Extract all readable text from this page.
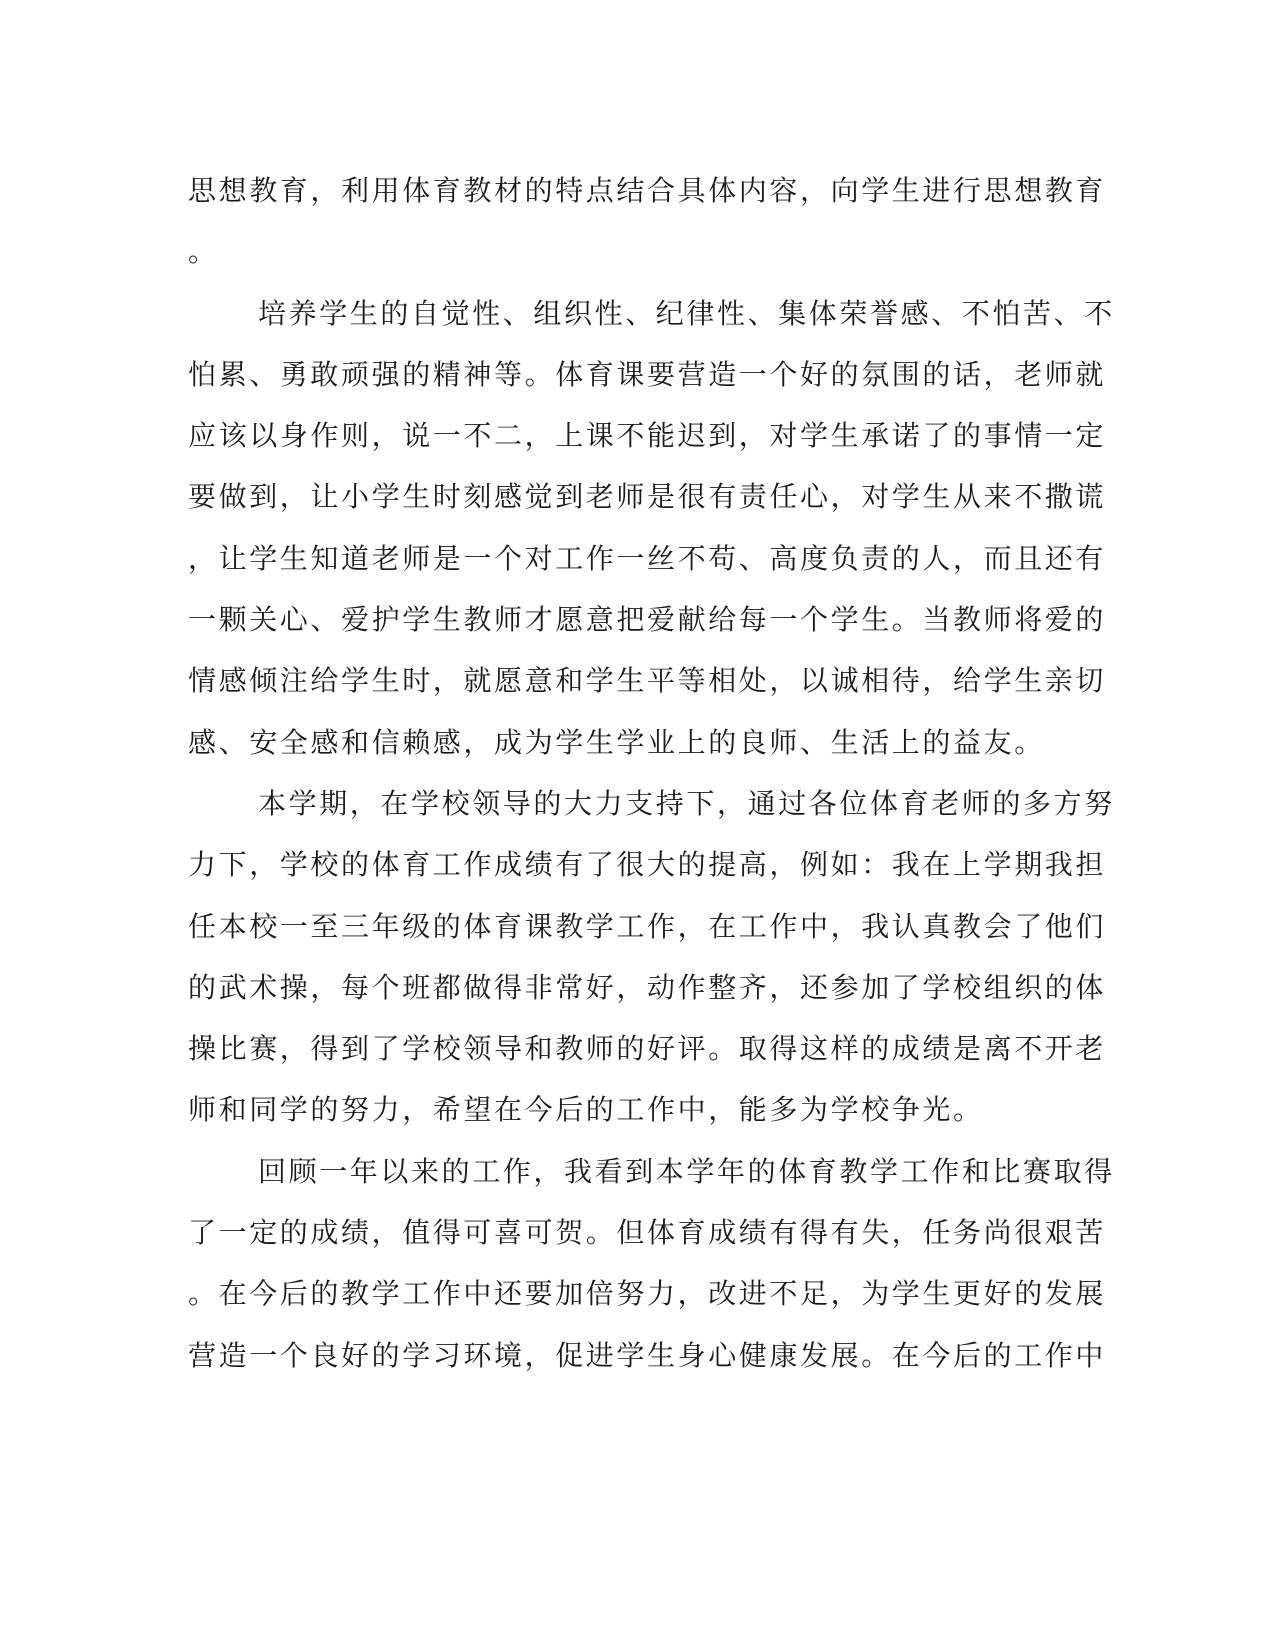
思想教育，利用体育教材的特点结合具体内容，向学生进行思想教育
。
培养学生的自觉性、组织性、纪律性、集体荣誉感、不怕苦、不
怕累、勇敢顽强的精神等。体育课要营造一个好的氛围的话，老师就
应该以身作则，说一不二，上课不能迟到，对学生承诺了的事情一定
要做到，让小学生时刻感觉到老师是很有责任心，对学生从来不撒谎
，让学生知道老师是一个对工作一丝不苟、高度负责的人，而且还有
一颗关心、爱护学生教师才愿意把爱献给每一个学生。当教师将爱的
情感倾注给学生时，就愿意和学生平等相处，以诚相待，给学生亲切
感、安全感和信赖感，成为学生学业上的良师、生活上的益友。
本学期，在学校领导的大力支持下，通过各位体育老师的多方努
力下，学校的体育工作成绩有了很大的提高，例如：我在上学期我担
任本校一至三年级的体育课教学工作，在工作中，我认真教会了他们
的武术操，每个班都做得非常好，动作整齐，还参加了学校组织的体
操比赛，得到了学校领导和教师的好评。取得这样的成绩是离不开老
师和同学的努力，希望在今后的工作中，能多为学校争光。
回顾一年以来的工作，我看到本学年的体育教学工作和比赛取得
了一定的成绩，值得可喜可贺。但体育成绩有得有失，任务尚很艰苦
。在今后的教学工作中还要加倍努力，改进不足，为学生更好的发展
营造一个良好的学习环境，促进学生身心健康发展。在今后的工作中
